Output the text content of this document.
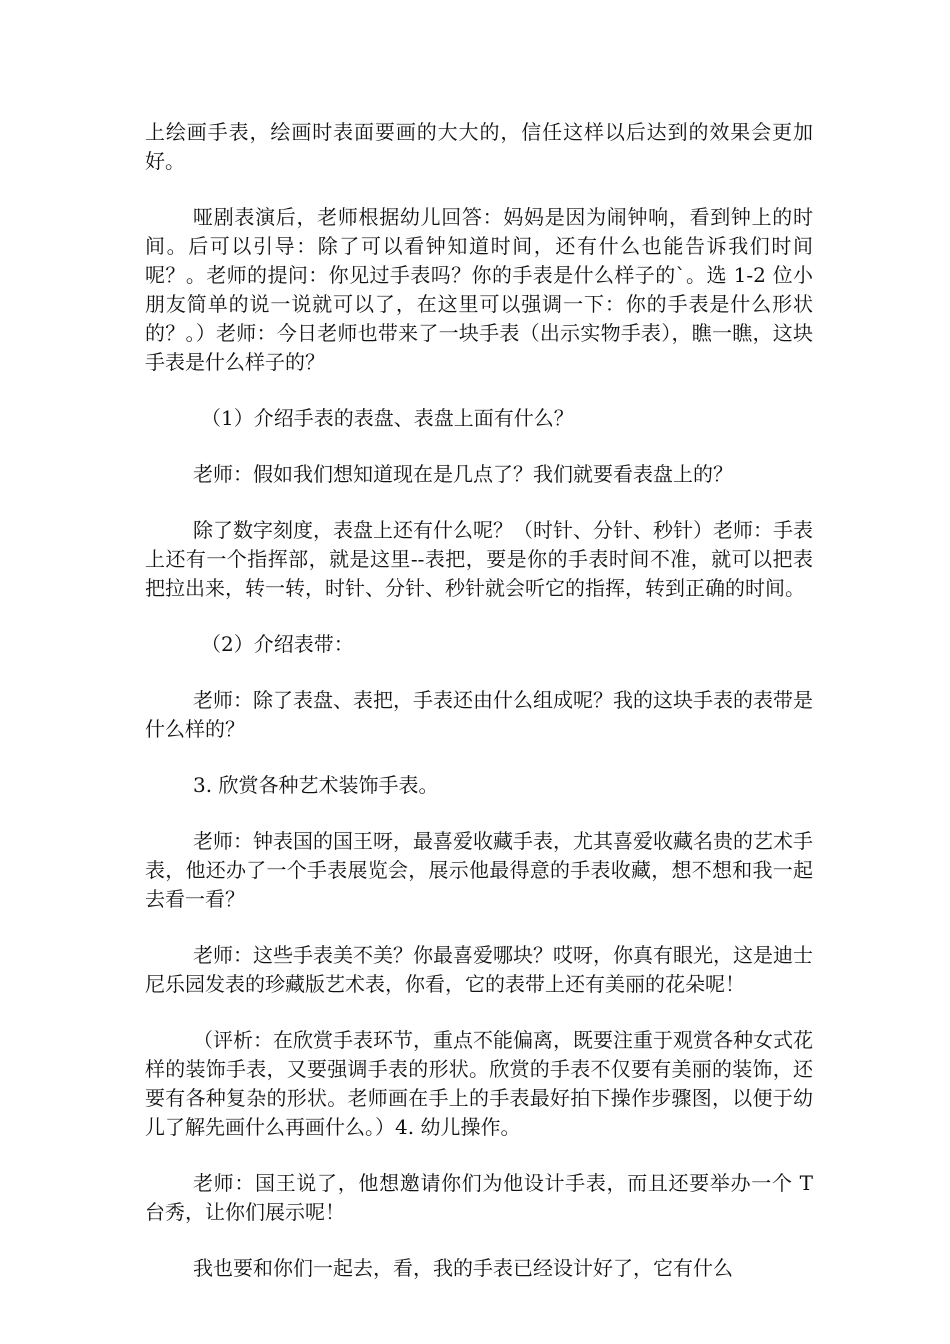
上绘画手表，绘画时表面要画的大大的，信任这样以后达到的效果会更加好。

哑剧表演后，老师根据幼儿回答：妈妈是因为闹钟响，看到钟上的时间。后可以引导：除了可以看钟知道时间，还有什么也能告诉我们时间呢？。老师的提问：你见过手表吗？你的手表是什么样子的`。选 1-2 位小朋友简单的说一说就可以了，在这里可以强调一下：你的手表是什么形状的？。）老师：今日老师也带来了一块手表（出示实物手表），瞧一瞧，这块手表是什么样子的？

（1）介绍手表的表盘、表盘上面有什么？

老师：假如我们想知道现在是几点了？我们就要看表盘上的？

除了数字刻度，表盘上还有什么呢？（时针、分针、秒针）老师：手表上还有一个指挥部，就是这里--表把，要是你的手表时间不准，就可以把表把拉出来，转一转，时针、分针、秒针就会听它的指挥，转到正确的时间。

（2）介绍表带：

老师：除了表盘、表把，手表还由什么组成呢？我的这块手表的表带是什么样的？

3. 欣赏各种艺术装饰手表。

老师：钟表国的国王呀，最喜爱收藏手表，尤其喜爱收藏名贵的艺术手表，他还办了一个手表展览会，展示他最得意的手表收藏，想不想和我一起去看一看？

老师：这些手表美不美？你最喜爱哪块？哎呀，你真有眼光，这是迪士尼乐园发表的珍藏版艺术表，你看，它的表带上还有美丽的花朵呢！

（评析：在欣赏手表环节，重点不能偏离，既要注重于观赏各种女式花样的装饰手表，又要强调手表的形状。欣赏的手表不仅要有美丽的装饰，还要有各种复杂的形状。老师画在手上的手表最好拍下操作步骤图，以便于幼儿了解先画什么再画什么。）4. 幼儿操作。

老师：国王说了，他想邀请你们为他设计手表，而且还要举办一个 T 台秀，让你们展示呢！

我也要和你们一起去，看，我的手表已经设计好了，它有什么
